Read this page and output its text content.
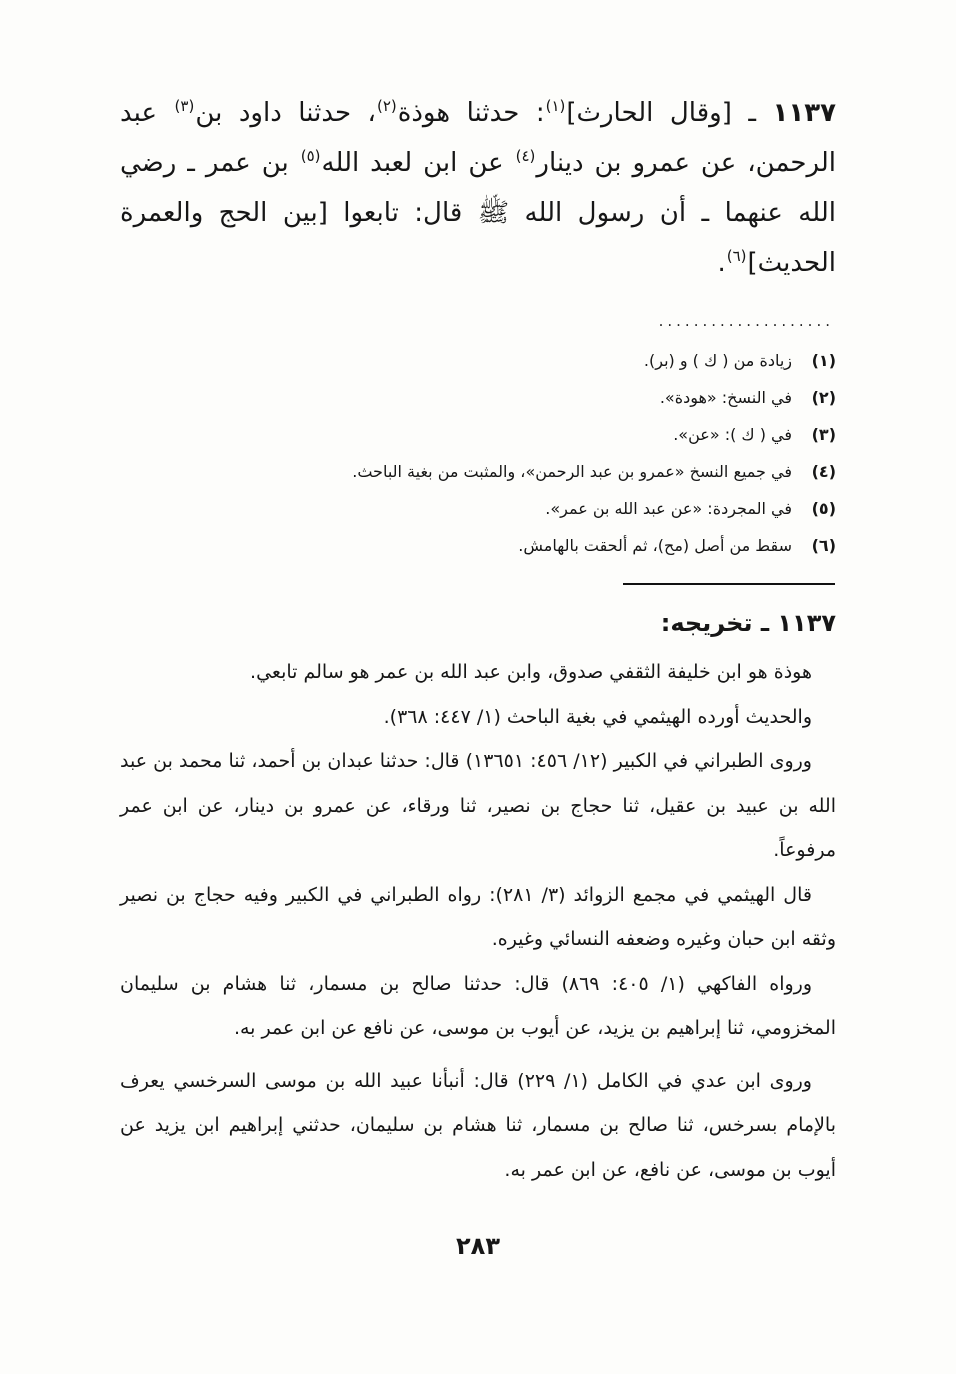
١١٣٧ ـ [وقال الحارث]$^{(١)}$: حدثنا هوذة$^{(٢)}$، حدثنا داود بن$^{(٣)}$ عبد الرحمن، عن عمرو بن دينار$^{(٤)}$ عن ابن لعبد الله$^{(٥)}$ بن عمر ـ رضي الله عنهما ـ أن رسول الله ﷺ قال: تابعوا [بين الحج والعمرة الحديث]$^{(٦)}$.

....................
(١)زيادة من ( ك ) و (بر).
(٢)في النسخ: «هودة».
(٣)في ( ك ): «عن».
(٤)في جميع النسخ «عمرو بن عبد الرحمن»، والمثبت من بغية الباحث.
(٥)في المجردة: «عن عبد الله بن عمر».
(٦)سقط من أصل (مح)، ثم ألحقت بالهامش.
١١٣٧ ـ تخريجه:

هوذة هو ابن خليفة الثقفي صدوق، وابن عبد الله بن عمر هو سالم تابعي.

والحديث أورده الهيثمي في بغية الباحث (١/ ٤٤٧: ٣٦٨).

وروى الطبراني في الكبير (١٢/ ٤٥٦: ١٣٦٥١) قال: حدثنا عبدان بن أحمد، ثنا محمد بن عبد الله بن عبيد بن عقيل، ثنا حجاج بن نصير، ثنا ورقاء، عن عمرو بن دينار، عن ابن عمر مرفوعاً.

قال الهيثمي في مجمع الزوائد (٣/ ٢٨١): رواه الطبراني في الكبير وفيه حجاج بن نصير وثقه ابن حبان وغيره وضعفه النسائي وغيره.

ورواه الفاكهي (١/ ٤٠٥: ٨٦٩) قال: حدثنا صالح بن مسمار، ثنا هشام بن سليمان المخزومي، ثنا إبراهيم بن يزيد، عن أيوب بن موسى، عن نافع عن ابن عمر به.

وروى ابن عدي في الكامل (١/ ٢٢٩) قال: أنبأنا عبيد الله بن موسى السرخسي يعرف بالإمام بسرخس، ثنا صالح بن مسمار، ثنا هشام بن سليمان، حدثني إبراهيم ابن يزيد عن أيوب بن موسى، عن نافع، عن ابن عمر به.

٢٨٣
